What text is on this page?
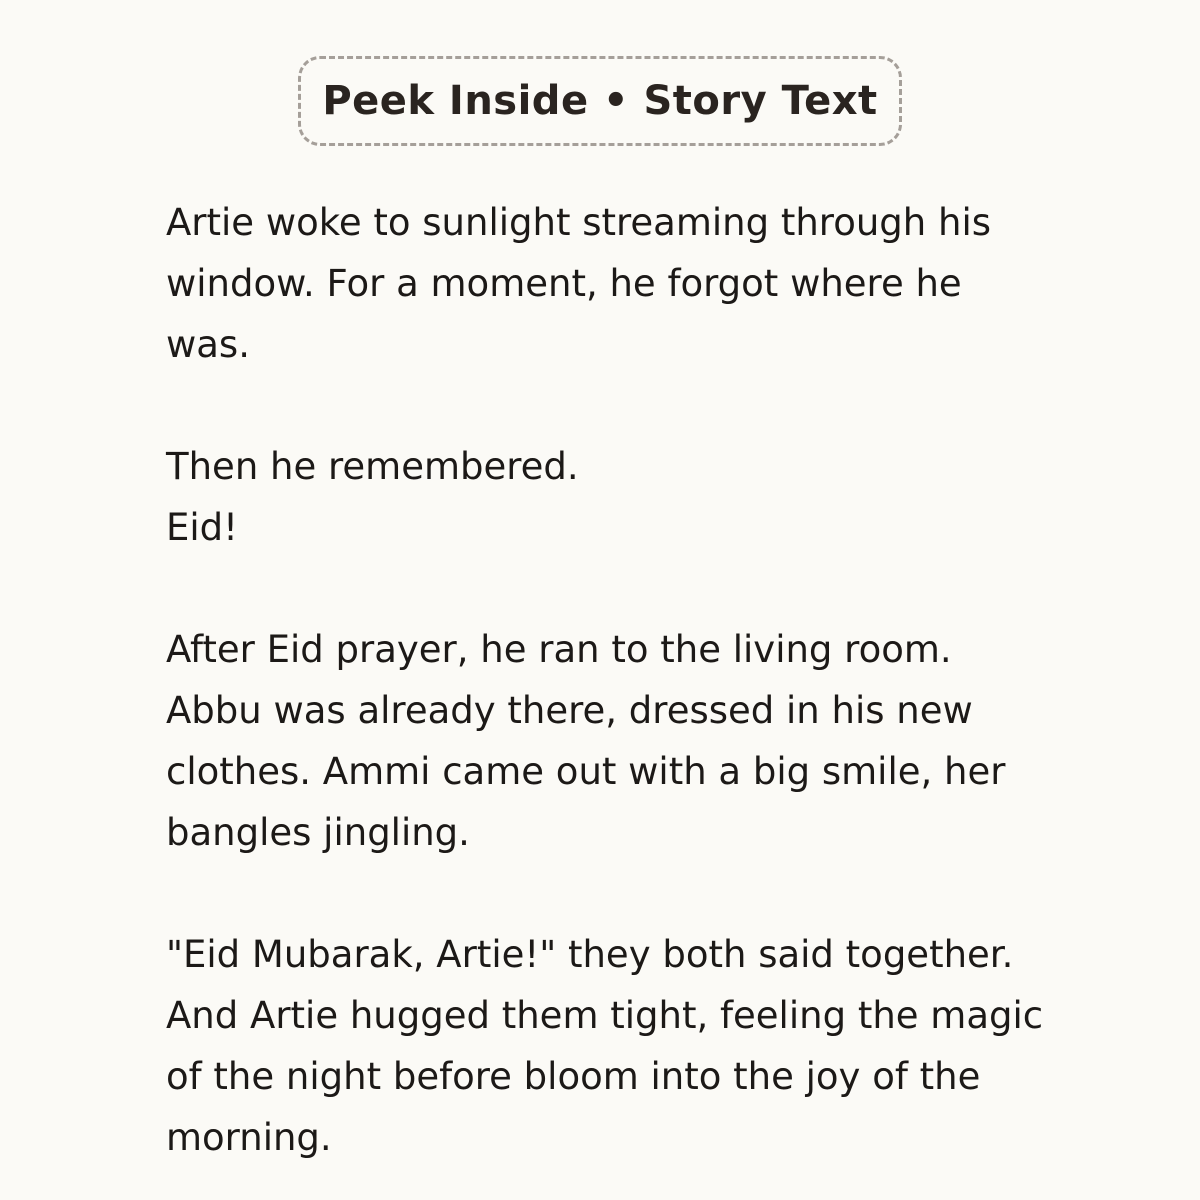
Peek Inside • Story Text

Artie woke to sunlight streaming through his
window. For a moment, he forgot where he
was.

Then he remembered.
Eid!

After Eid prayer, he ran to the living room.
Abbu was already there, dressed in his new
clothes. Ammi came out with a big smile, her
bangles jingling.

"Eid Mubarak, Artie!" they both said together.
And Artie hugged them tight, feeling the magic
of the night before bloom into the joy of the
morning.
